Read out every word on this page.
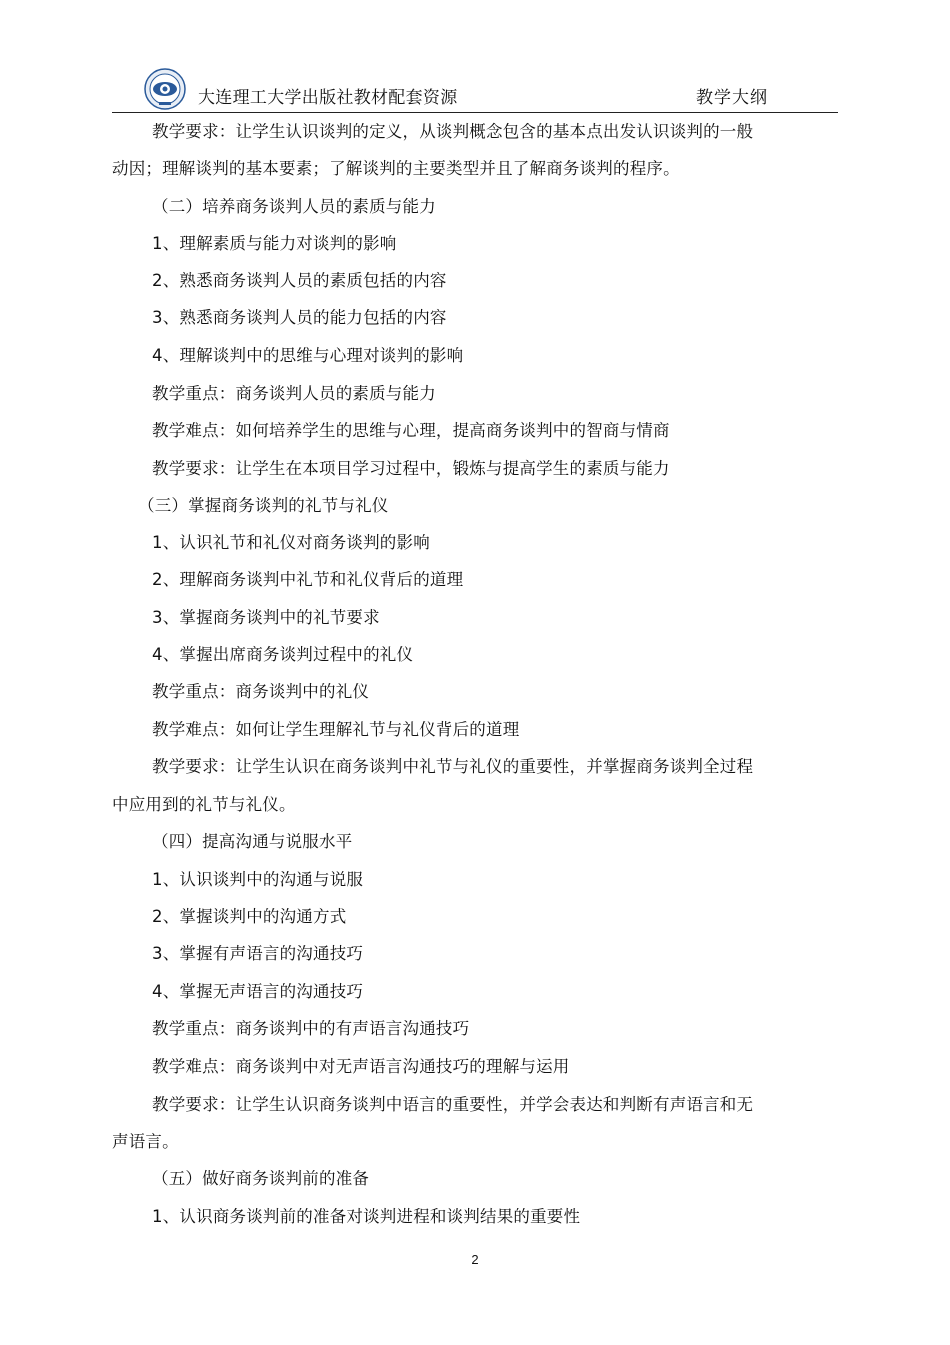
大连理工大学出版社教材配套资源	教学大纲
教学要求：让学生认识谈判的定义，从谈判概念包含的基本点出发认识谈判的一般
动因；理解谈判的基本要素；了解谈判的主要类型并且了解商务谈判的程序。
（二）培养商务谈判人员的素质与能力
1、理解素质与能力对谈判的影响
2、熟悉商务谈判人员的素质包括的内容
3、熟悉商务谈判人员的能力包括的内容
4、理解谈判中的思维与心理对谈判的影响
教学重点：商务谈判人员的素质与能力
教学难点：如何培养学生的思维与心理，提高商务谈判中的智商与情商
教学要求：让学生在本项目学习过程中，锻炼与提高学生的素质与能力
（三）掌握商务谈判的礼节与礼仪
1、认识礼节和礼仪对商务谈判的影响
2、理解商务谈判中礼节和礼仪背后的道理
3、掌握商务谈判中的礼节要求
4、掌握出席商务谈判过程中的礼仪
教学重点：商务谈判中的礼仪
教学难点：如何让学生理解礼节与礼仪背后的道理
教学要求：让学生认识在商务谈判中礼节与礼仪的重要性，并掌握商务谈判全过程
中应用到的礼节与礼仪。
（四）提高沟通与说服水平
1、认识谈判中的沟通与说服
2、掌握谈判中的沟通方式
3、掌握有声语言的沟通技巧
4、掌握无声语言的沟通技巧
教学重点：商务谈判中的有声语言沟通技巧
教学难点：商务谈判中对无声语言沟通技巧的理解与运用
教学要求：让学生认识商务谈判中语言的重要性，并学会表达和判断有声语言和无
声语言。
（五）做好商务谈判前的准备
1、认识商务谈判前的准备对谈判进程和谈判结果的重要性
2
